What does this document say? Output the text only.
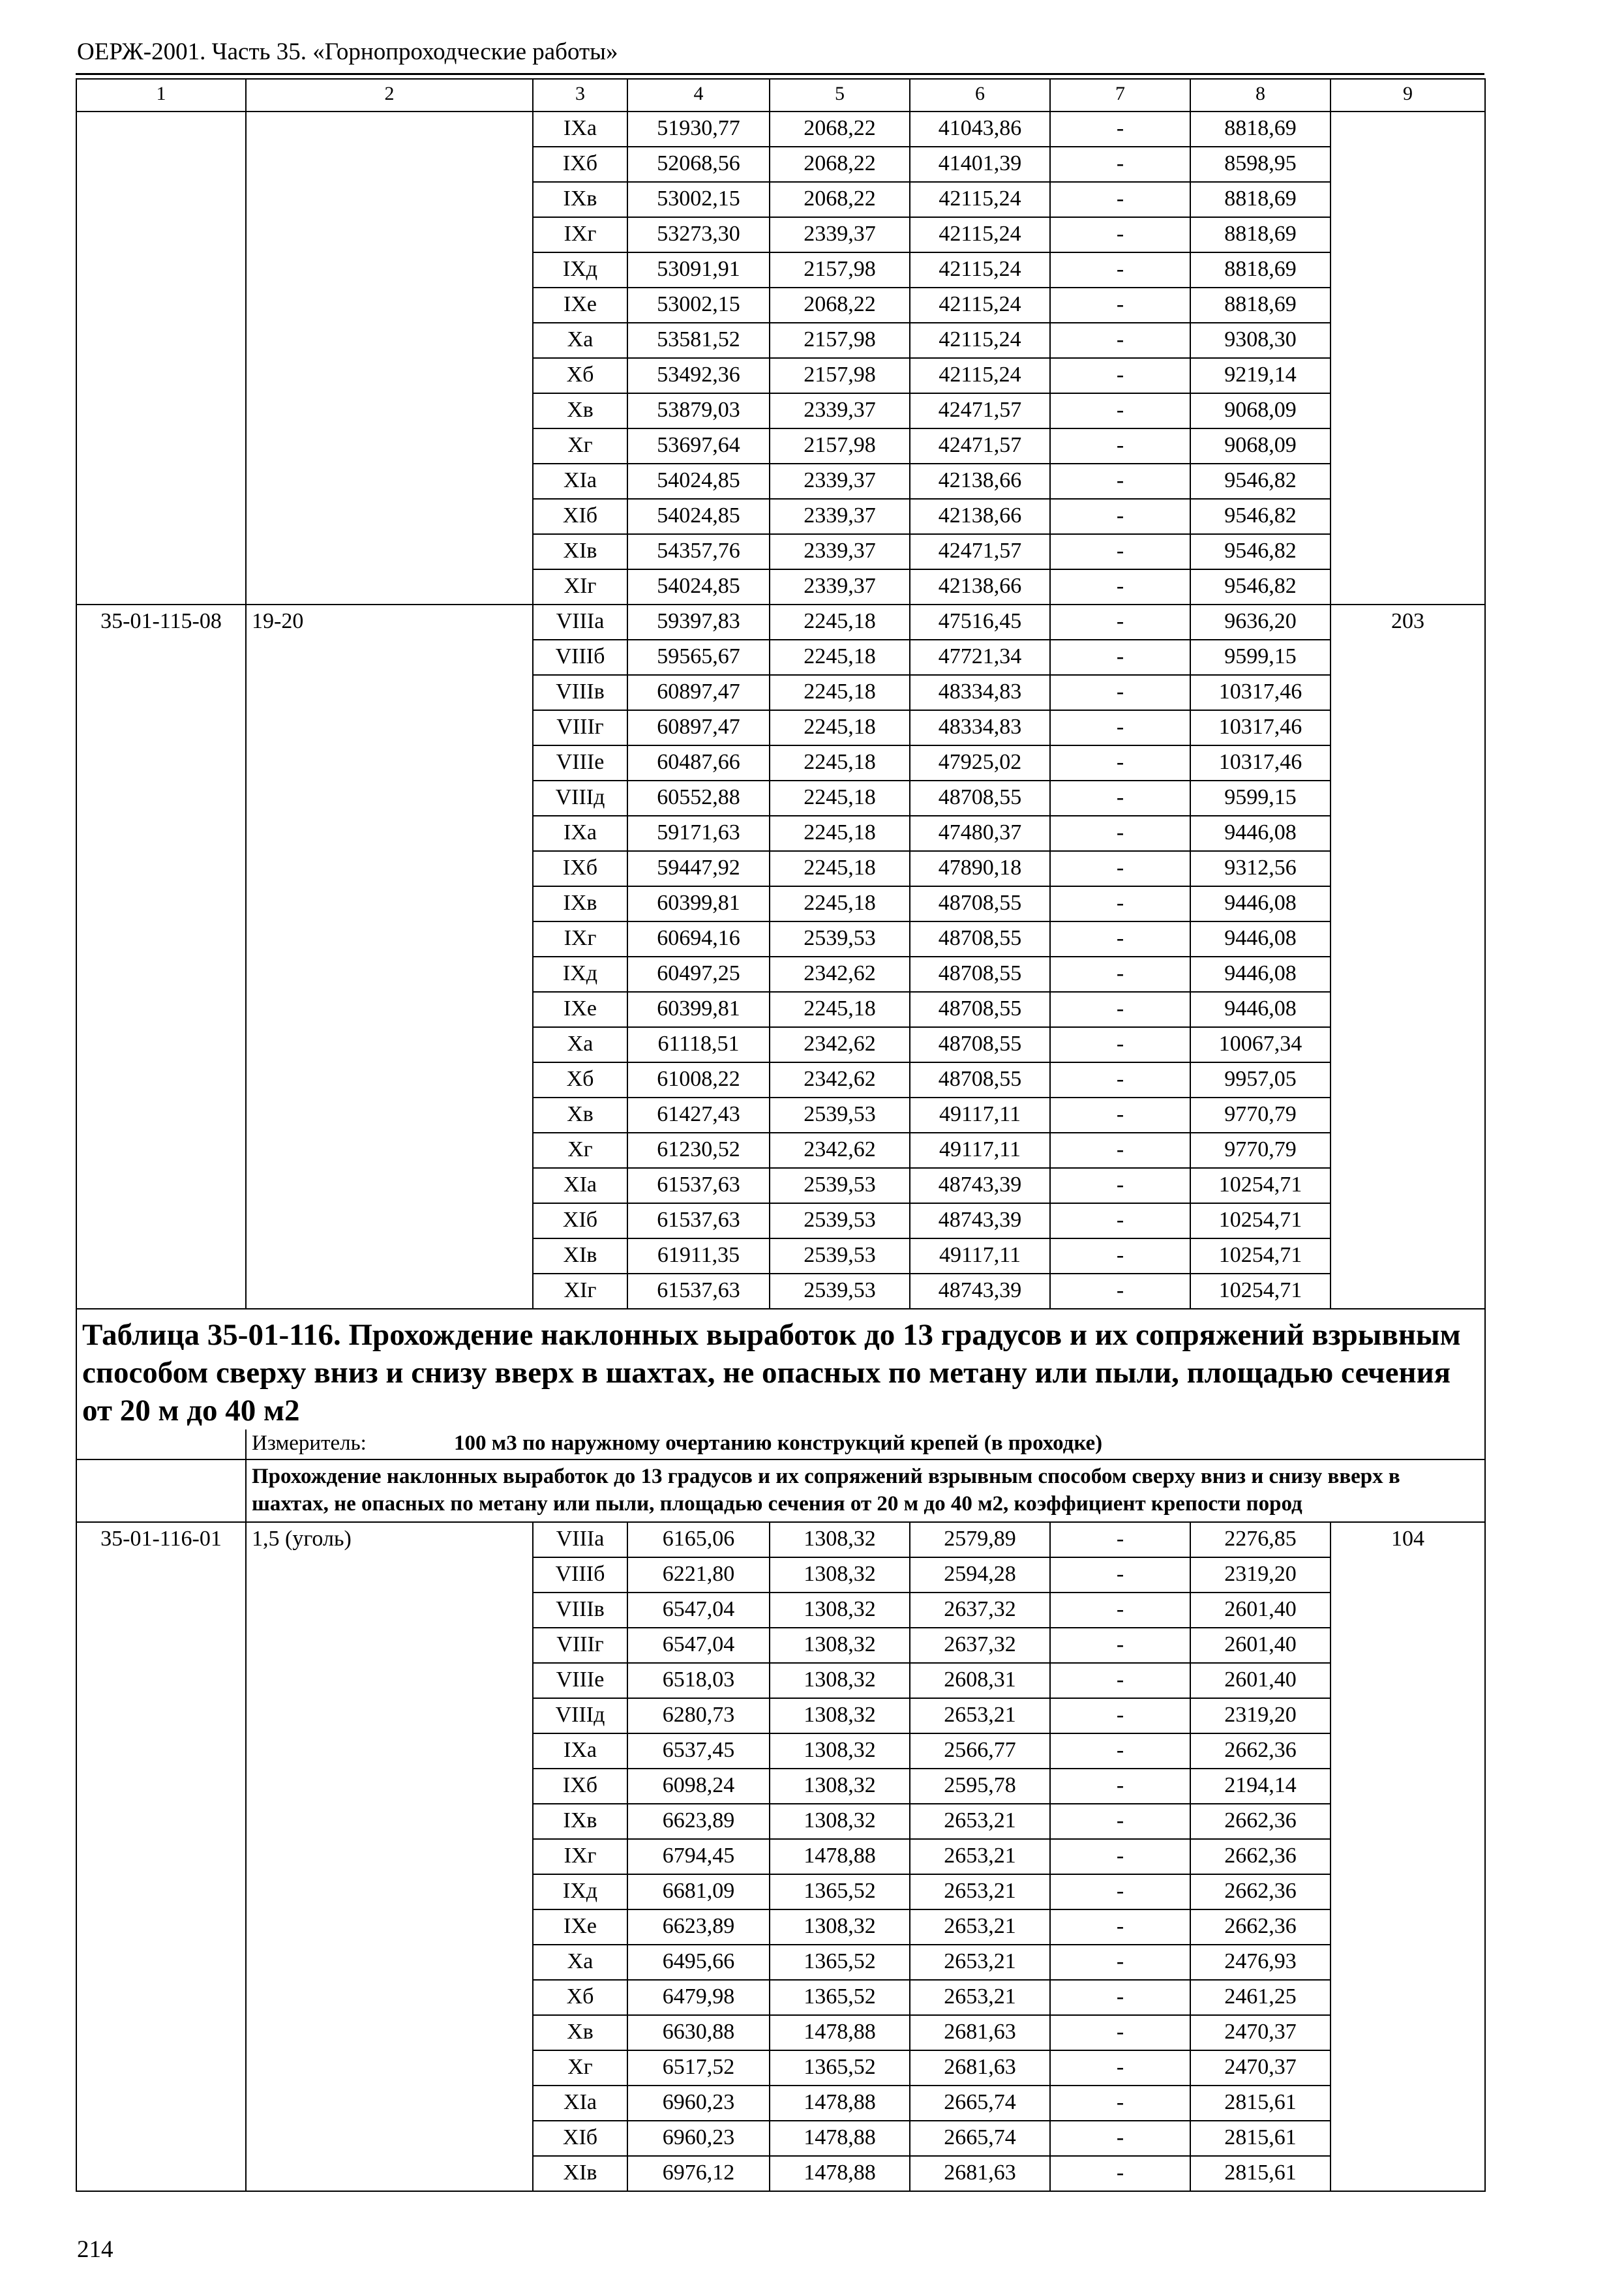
ОЕРЖ-2001. Часть 35. «Горнопроходческие работы»
1	2	3	4	5	6	7	8	9
		IXа	51930,77	2068,22	41043,86	-	8818,69	
		IXб	52068,56	2068,22	41401,39	-	8598,95	
		IXв	53002,15	2068,22	42115,24	-	8818,69	
		IXг	53273,30	2339,37	42115,24	-	8818,69	
		IXд	53091,91	2157,98	42115,24	-	8818,69	
		IXе	53002,15	2068,22	42115,24	-	8818,69	
		Xа	53581,52	2157,98	42115,24	-	9308,30	
		Xб	53492,36	2157,98	42115,24	-	9219,14	
		Xв	53879,03	2339,37	42471,57	-	9068,09	
		Xг	53697,64	2157,98	42471,57	-	9068,09	
		XIа	54024,85	2339,37	42138,66	-	9546,82	
		XIб	54024,85	2339,37	42138,66	-	9546,82	
		XIв	54357,76	2339,37	42471,57	-	9546,82	
		XIг	54024,85	2339,37	42138,66	-	9546,82	
35-01-115-08	19-20	VIIIа	59397,83	2245,18	47516,45	-	9636,20	203
		VIIIб	59565,67	2245,18	47721,34	-	9599,15	
		VIIIв	60897,47	2245,18	48334,83	-	10317,46	
		VIIIг	60897,47	2245,18	48334,83	-	10317,46	
		VIIIе	60487,66	2245,18	47925,02	-	10317,46	
		VIIIд	60552,88	2245,18	48708,55	-	9599,15	
		IXа	59171,63	2245,18	47480,37	-	9446,08	
		IXб	59447,92	2245,18	47890,18	-	9312,56	
		IXв	60399,81	2245,18	48708,55	-	9446,08	
		IXг	60694,16	2539,53	48708,55	-	9446,08	
		IXд	60497,25	2342,62	48708,55	-	9446,08	
		IXе	60399,81	2245,18	48708,55	-	9446,08	
		Xа	61118,51	2342,62	48708,55	-	10067,34	
		Xб	61008,22	2342,62	48708,55	-	9957,05	
		Xв	61427,43	2539,53	49117,11	-	9770,79	
		Xг	61230,52	2342,62	49117,11	-	9770,79	
		XIа	61537,63	2539,53	48743,39	-	10254,71	
		XIб	61537,63	2539,53	48743,39	-	10254,71	
		XIв	61911,35	2539,53	49117,11	-	10254,71	
		XIг	61537,63	2539,53	48743,39	-	10254,71	
Таблица 35-01-116. Прохождение наклонных выработок до 13 градусов и их сопряжений взрывным способом сверху вниз и снизу вверх в шахтах, не опасных по метану или пыли, площадью сечения от 20 м до 40 м2								
	Измеритель: 100 м3 по наружному очертанию конструкций крепей (в проходке)							
	Прохождение наклонных выработок до 13 градусов и их сопряжений взрывным способом сверху вниз и снизу вверх в шахтах, не опасных по метану или пыли, площадью сечения от 20 м до 40 м2, коэффициент крепости пород							
35-01-116-01	1,5 (уголь)	VIIIа	6165,06	1308,32	2579,89	-	2276,85	104
		VIIIб	6221,80	1308,32	2594,28	-	2319,20	
		VIIIв	6547,04	1308,32	2637,32	-	2601,40	
		VIIIг	6547,04	1308,32	2637,32	-	2601,40	
		VIIIе	6518,03	1308,32	2608,31	-	2601,40	
		VIIIд	6280,73	1308,32	2653,21	-	2319,20	
		IXа	6537,45	1308,32	2566,77	-	2662,36	
		IXб	6098,24	1308,32	2595,78	-	2194,14	
		IXв	6623,89	1308,32	2653,21	-	2662,36	
		IXг	6794,45	1478,88	2653,21	-	2662,36	
		IXд	6681,09	1365,52	2653,21	-	2662,36	
		IXе	6623,89	1308,32	2653,21	-	2662,36	
		Xа	6495,66	1365,52	2653,21	-	2476,93	
		Xб	6479,98	1365,52	2653,21	-	2461,25	
		Xв	6630,88	1478,88	2681,63	-	2470,37	
		Xг	6517,52	1365,52	2681,63	-	2470,37	
		XIа	6960,23	1478,88	2665,74	-	2815,61	
		XIб	6960,23	1478,88	2665,74	-	2815,61	
		XIв	6976,12	1478,88	2681,63	-	2815,61	
214
